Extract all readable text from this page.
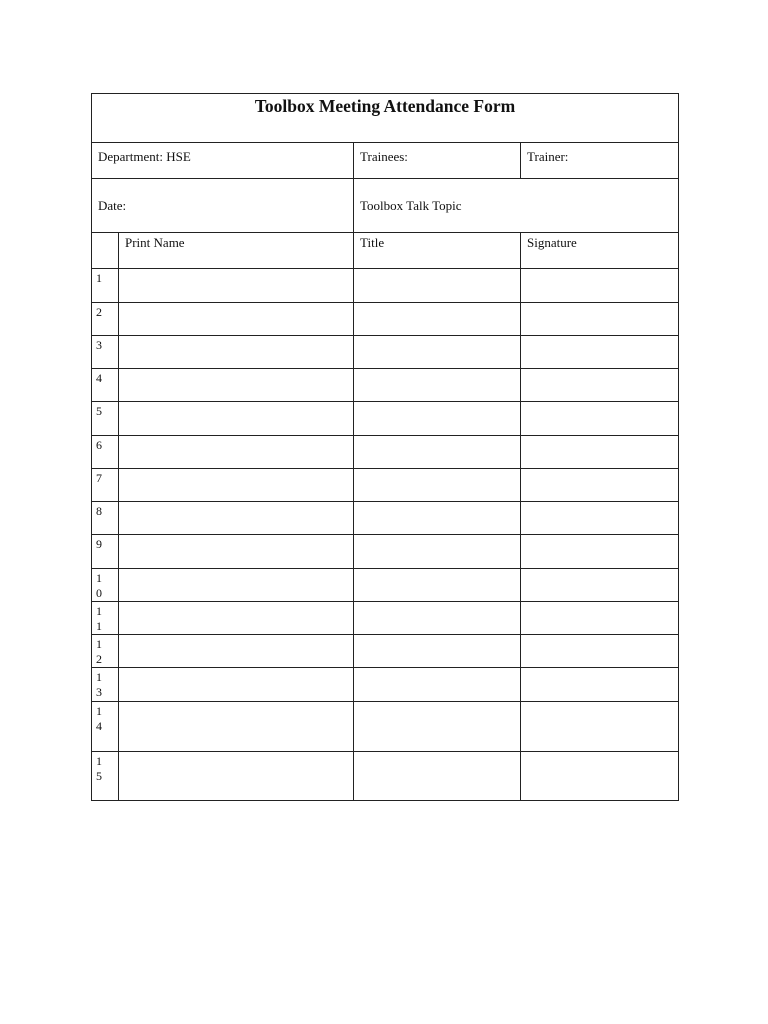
Toolbox Meeting Attendance Form			
Department: HSE		Trainees:	Trainer:
Date:		Toolbox Talk Topic	
	Print Name	Title	Signature

1			

2			

3			

4			

5			

6			

7			

8			

9			

10			

11			

12			

13			

14			

15			
